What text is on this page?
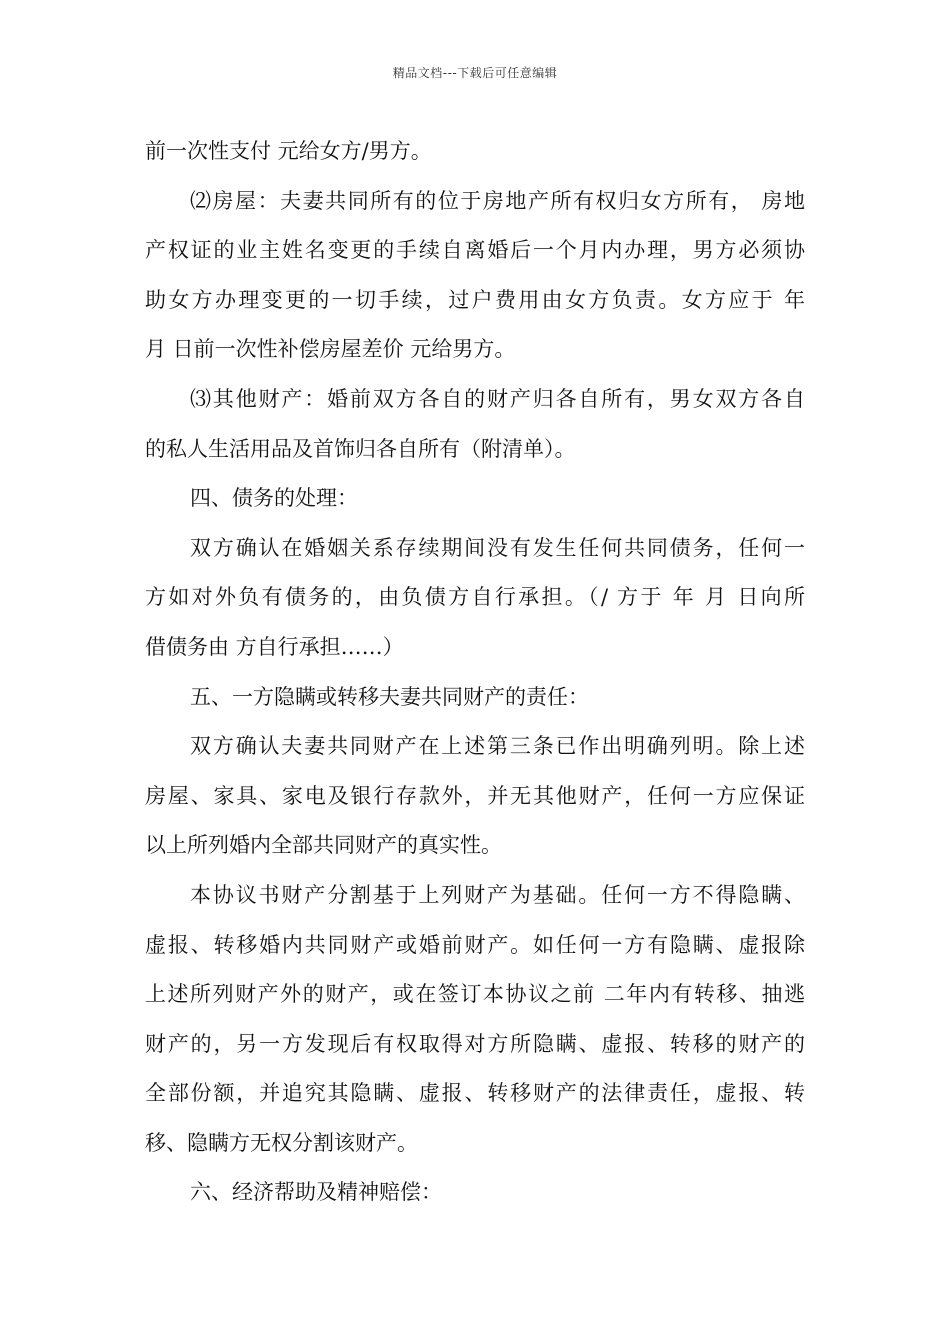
精品文档---下载后可任意编辑
前一次性支付 元给女方/男方。
⑵房屋：夫妻共同所有的位于房地产所有权归女方所有， 房地
产权证的业主姓名变更的手续自离婚后一个月内办理，男方必须协
助女方办理变更的一切手续，过户费用由女方负责。女方应于 年
月 日前一次性补偿房屋差价 元给男方。
⑶其他财产：婚前双方各自的财产归各自所有，男女双方各自
的私人生活用品及首饰归各自所有（附清单）。
四、债务的处理：
双方确认在婚姻关系存续期间没有发生任何共同债务，任何一
方如对外负有债务的，由负债方自行承担。（/ 方于 年 月 日向所
借债务由 方自行承担……）
五、一方隐瞒或转移夫妻共同财产的责任：
双方确认夫妻共同财产在上述第三条已作出明确列明。除上述
房屋、家具、家电及银行存款外，并无其他财产，任何一方应保证
以上所列婚内全部共同财产的真实性。
本协议书财产分割基于上列财产为基础。任何一方不得隐瞒、
虚报、转移婚内共同财产或婚前财产。如任何一方有隐瞒、虚报除
上述所列财产外的财产，或在签订本协议之前 二年内有转移、抽逃
财产的，另一方发现后有权取得对方所隐瞒、虚报、转移的财产的
全部份额，并追究其隐瞒、虚报、转移财产的法律责任，虚报、转
移、隐瞒方无权分割该财产。
六、经济帮助及精神赔偿：
